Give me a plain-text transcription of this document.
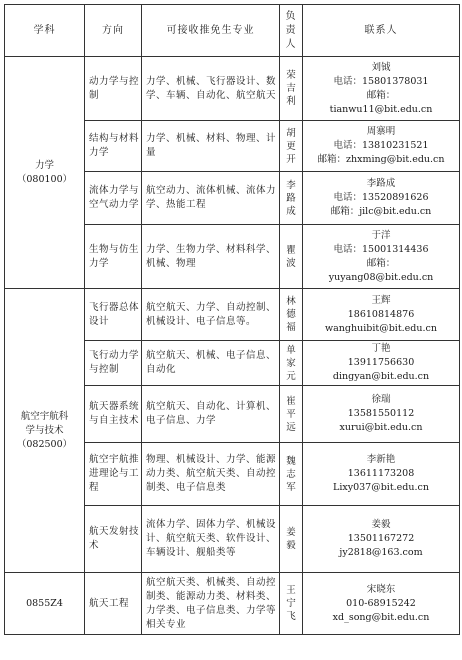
学科	方向	可接收推免生专业	负责人	联系人

力学
（080100）	动力学与控制	力学、机械、飞行器设计、数学、车辆、自动化、航空航天	荣
吉
利	刘钺
电话：15801378031
邮箱：
tianwu11@bit.edu.cn

	结构与材料力学	力学、机械、材料、物理、计量	胡
更
开	周寨明
电话：13810231521
邮箱：zhxming@bit.edu.cn

	流体力学与空气动力学	航空动力、流体机械、流体力学、热能工程	李
路
成	李路成
电话：13520891626
邮箱：jilc@bit.edu.cn

	生物与仿生力学	力学、生物力学、材料科学、机械、物理	瞿
波	于洋
电话：15001314436
邮箱：
yuyang08@bit.edu.cn

航空宇航科
学与技术
（082500）	飞行器总体设计	航空航天、力学、自动控制、机械设计、电子信息等。	林
德
福	王辉
18610814876
wanghuibit@bit.edu.cn

	飞行动力学与控制	航空航天、机械、电子信息、自动化	单
家
元	丁艳
13911756630
dingyan@bit.edu.cn

	航天器系统与自主技术	航空航天、自动化、计算机、电子信息、力学	崔
平
远	徐瑞
13581550112
xurui@bit.edu.cn

	航空宇航推进理论与工程	物理、机械设计、力学、能源动力类、航空航天类、自动控制类、电子信息类	魏
志
军	李新艳
13611173208
Lixy037@bit.edu.cn

	航天发射技术	流体力学、固体力学、机械设计、航空航天类、软件设计、车辆设计、舰船类等	姜
毅	姜毅
13501167272
jy2818@163.com

0855Z4	航天工程	航空航天类、机械类、自动控制类、能源动力类、材料类、力学类、电子信息类、力学等相关专业	王
宁
飞	宋晓东
010-68915242
xd_song@bit.edu.cn
